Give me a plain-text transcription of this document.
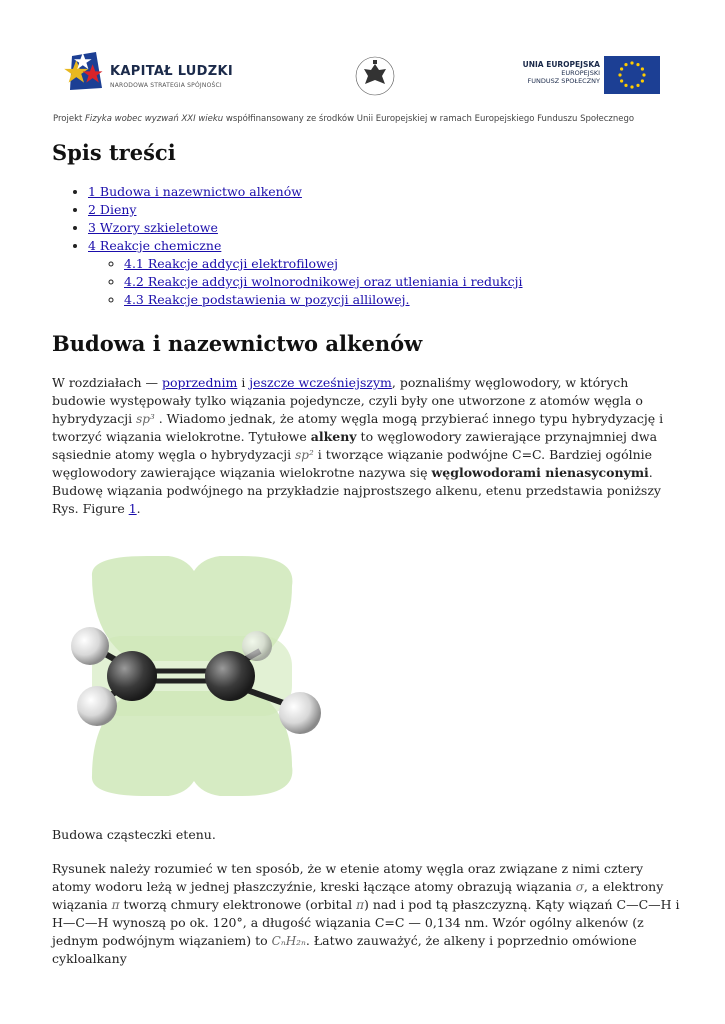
KAPITAŁ LUDZKI
NARODOWA STRATEGIA SPÓJNOŚCI
UNIA EUROPEJSKA
EUROPEJSKI
FUNDUSZ SPOŁECZNY
Projekt Fizyka wobec wyzwań XXI wieku współfinansowany ze środków Unii Europejskiej w ramach Europejskiego Funduszu Społecznego
Spis treści
• 1 Budowa i nazewnictwo alkenów
• 2 Dieny
• 3 Wzory szkieletowe
• 4 Reakcje chemiczne
◦ 4.1 Reakcje addycji elektrofilowej
◦ 4.2 Reakcje addycji wolnorodnikowej oraz utleniania i redukcji
◦ 4.3 Reakcje podstawienia w pozycji allilowej.
Budowa i nazewnictwo alkenów

W rozdziałach — poprzednim i jeszcze wcześniejszym, poznaliśmy węglowodory, w których budowie występowały tylko wiązania pojedyncze, czyli były one utworzone z atomów węgla o hybrydyzacji sp³ . Wiadomo jednak, że atomy węgla mogą przybierać innego typu hybrydyzację i tworzyć wiązania wielokrotne. Tytułowe alkeny to węglowodory zawierające przynajmniej dwa sąsiednie atomy węgla o hybrydyzacji sp² i tworzące wiązanie podwójne C=C. Bardziej ogólnie węglowodory zawierające wiązania wielokrotne nazywa się węglowodorami nienasyconymi. Budowę wiązania podwójnego na przykładzie najprostszego alkenu, etenu przedstawia poniższy Rys. Figure 1.

Budowa cząsteczki etenu.

Rysunek należy rozumieć w ten sposób, że w etenie atomy węgla oraz związane z nimi cztery atomy wodoru leżą w jednej płaszczyźnie, kreski łączące atomy obrazują wiązania σ, a elektrony wiązania π tworzą chmury elektronowe (orbital π) nad i pod tą płaszczyzną. Kąty wiązań C—C—H i H—C—H wynoszą po ok. 120°, a długość wiązania C=C — 0,134 nm. Wzór ogólny alkenów (z jednym podwójnym wiązaniem) to CₙH₂ₙ. Łatwo zauważyć, że alkeny i poprzednio omówione cykloalkany
